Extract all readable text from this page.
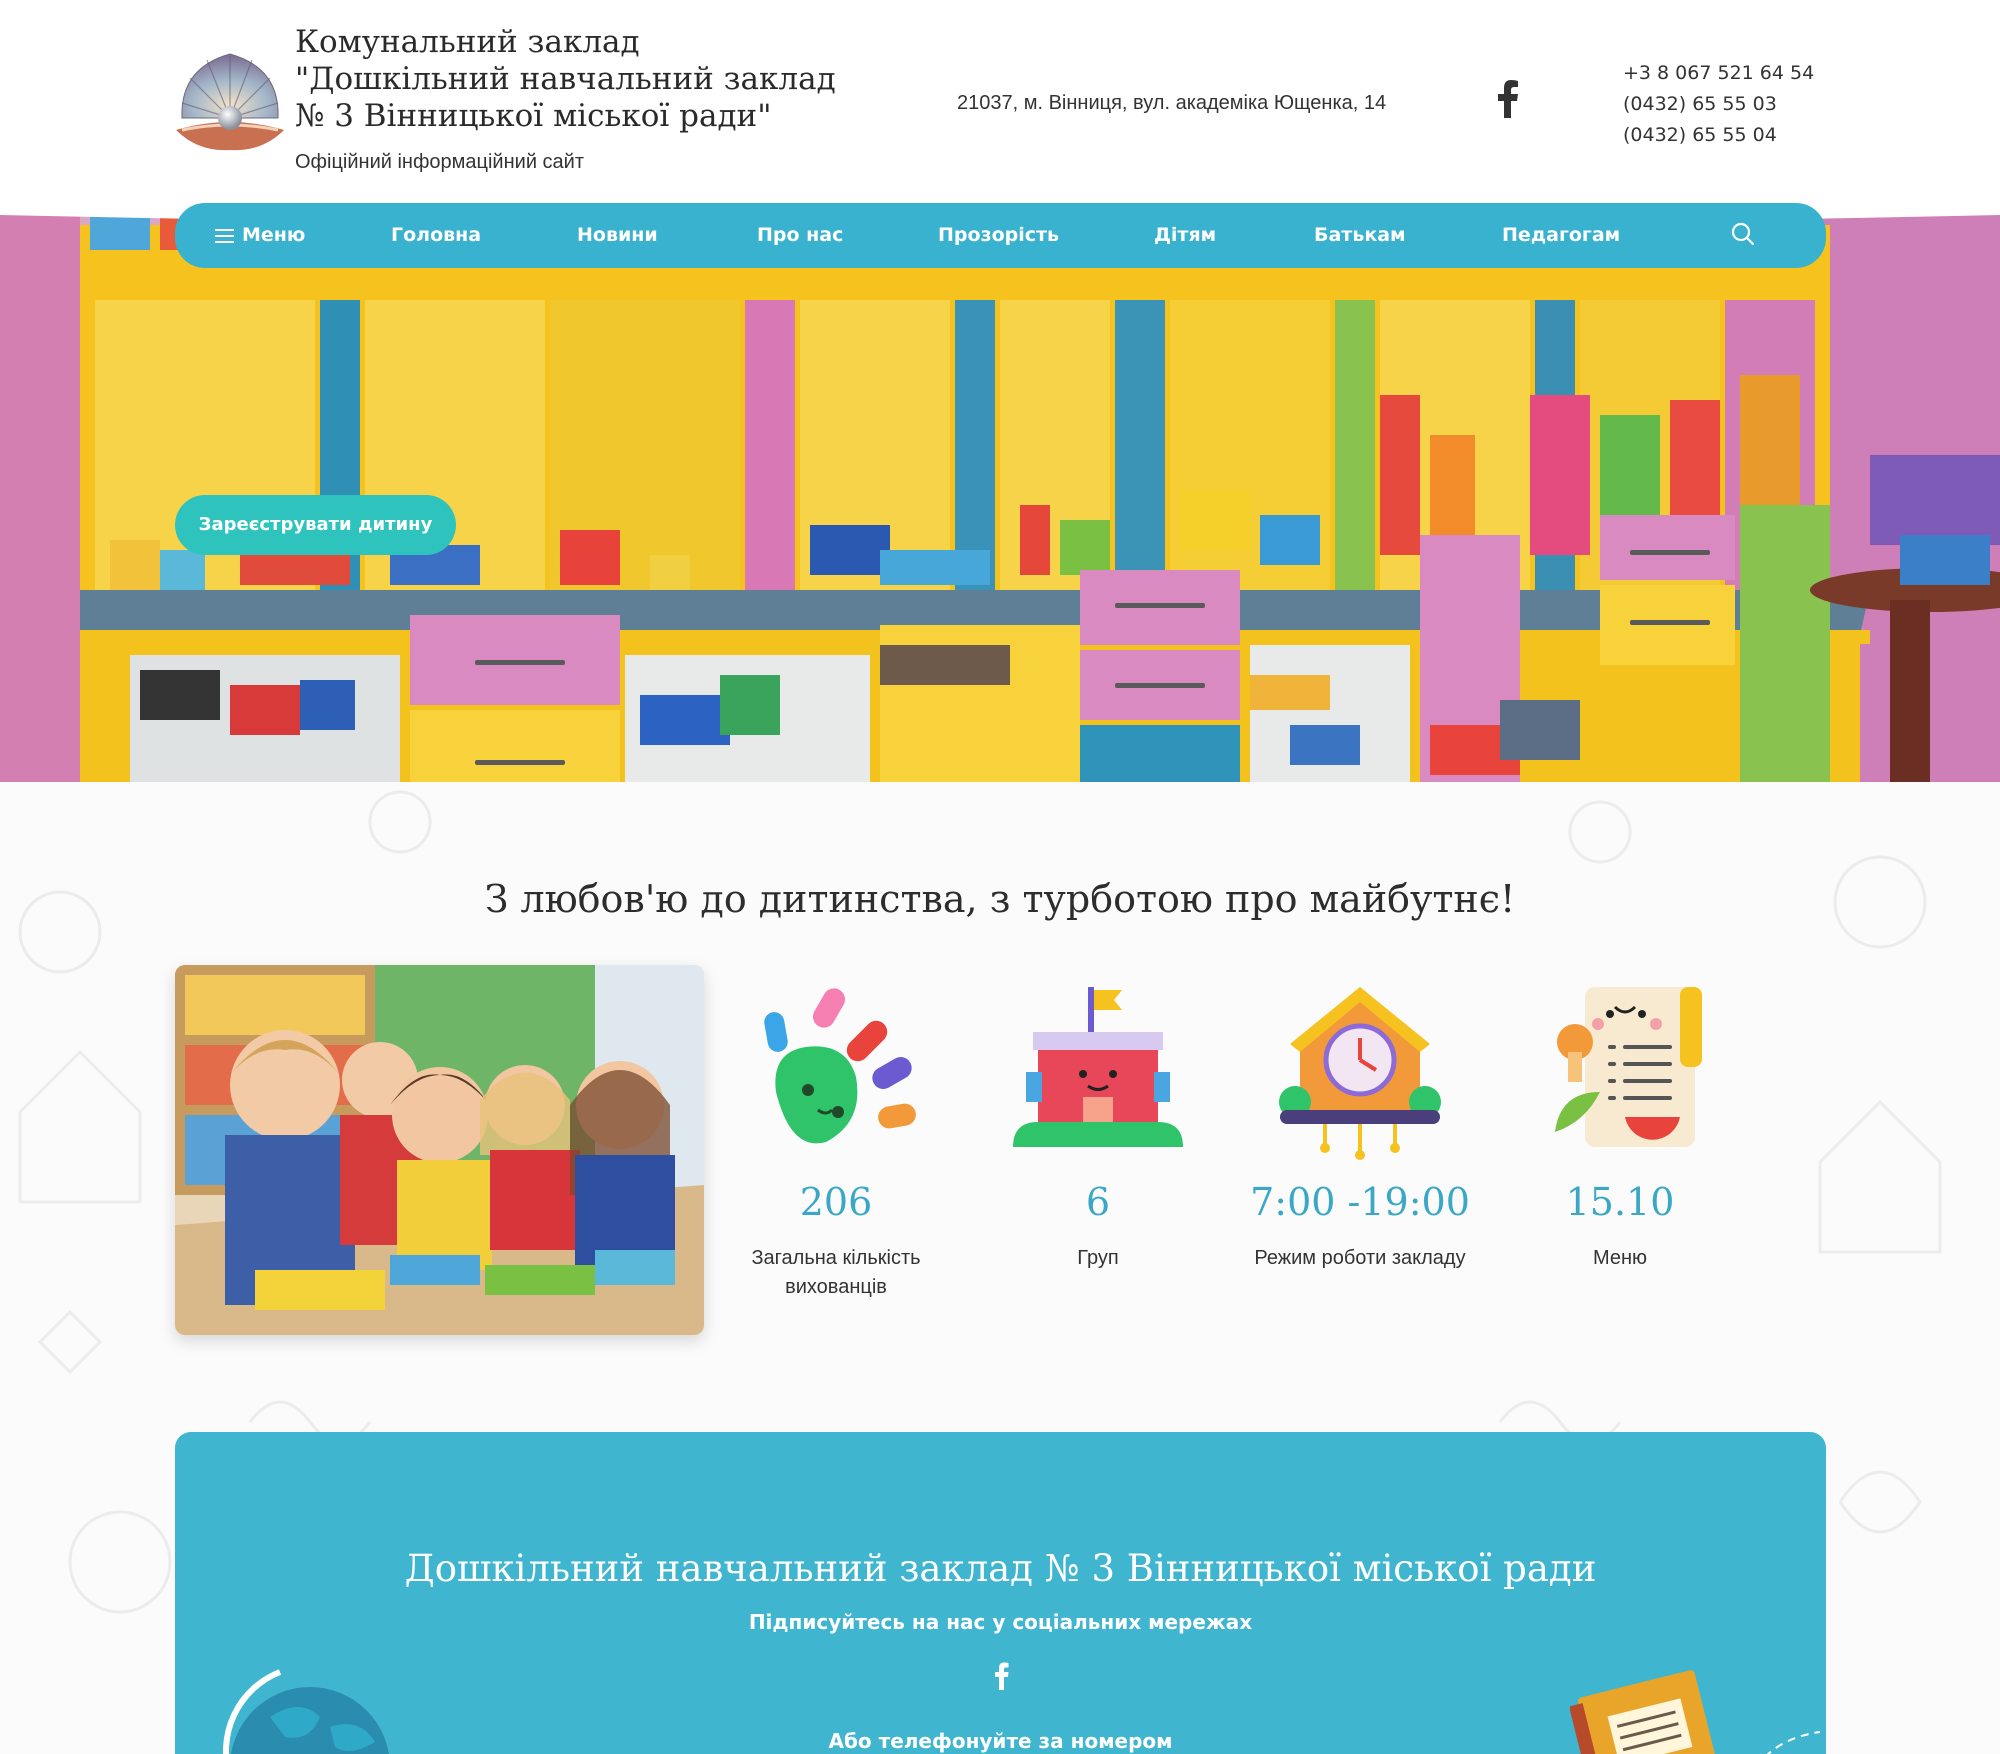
Комунальний заклад "Дошкільний навчальний заклад № 3 Вінницької міської ради"
Офіційний інформаційний сайт
21037, м. Вінниця, вул. академіка Ющенка, 14
+3 8 067 521 64 54
(0432) 65 55 03
(0432) 65 55 04
Меню	Головна	Новини	Про нас	Прозорість	Дітям	Батькам	Педагогам
Зареєструвати дитину
З любов'ю до дитинства, з турботою про майбутнє!
206
Загальна кількість вихованців
6
Груп
7:00 -19:00
Режим роботи закладу
15.10
Меню
Дошкільний навчальний заклад № 3 Вінницької міської ради
Підписуйтесь на нас у соціальних мережах
Або телефонуйте за номером
